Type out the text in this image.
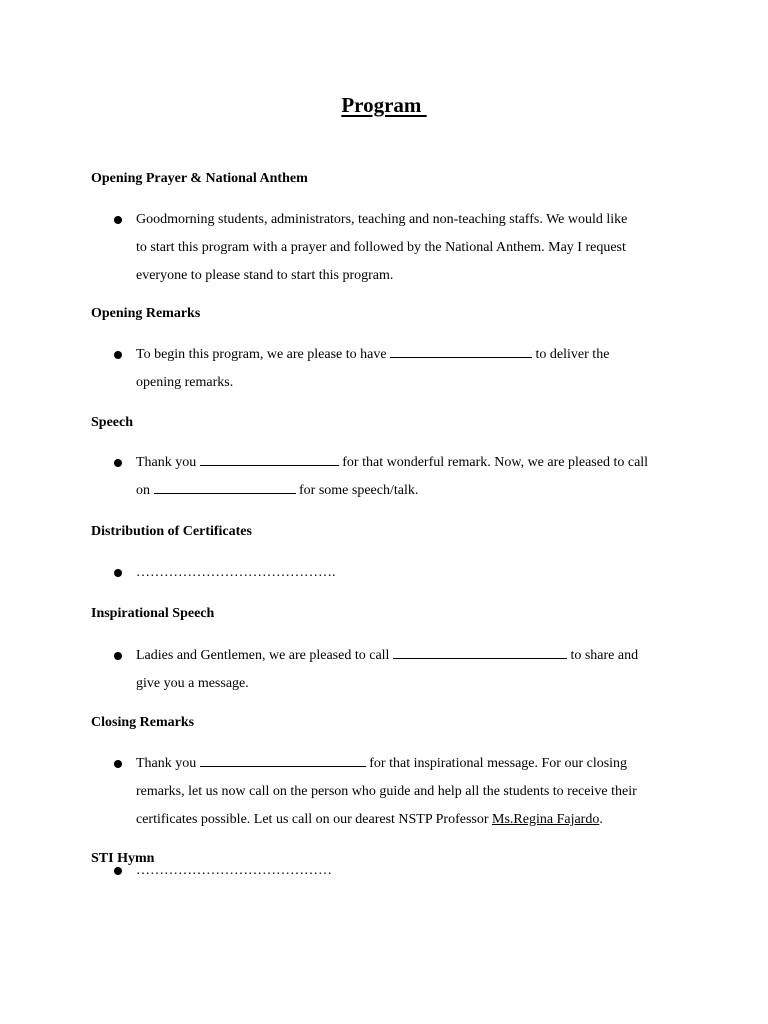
Program
Opening Prayer & National Anthem
Goodmorning students, administrators, teaching and non-teaching staffs. We would like
to start this program with a prayer and followed by the National Anthem. May I request
everyone to please stand to start this program.
Opening Remarks
To begin this program, we are please to have	to deliver the
opening remarks.
Speech
Thank you	for that wonderful remark. Now, we are pleased to call
on	for some speech/talk.
Distribution of Certificates
…………………………………….
Inspirational Speech
Ladies and Gentlemen, we are pleased to call	to share and
give you a message.
Closing Remarks
Thank you	for that inspirational message. For our closing
remarks, let us now call on the person who guide and help all the students to receive their
certificates possible. Let us call on our dearest NSTP Professor Ms.Regina Fajardo.
STI Hymn
……………………………………
